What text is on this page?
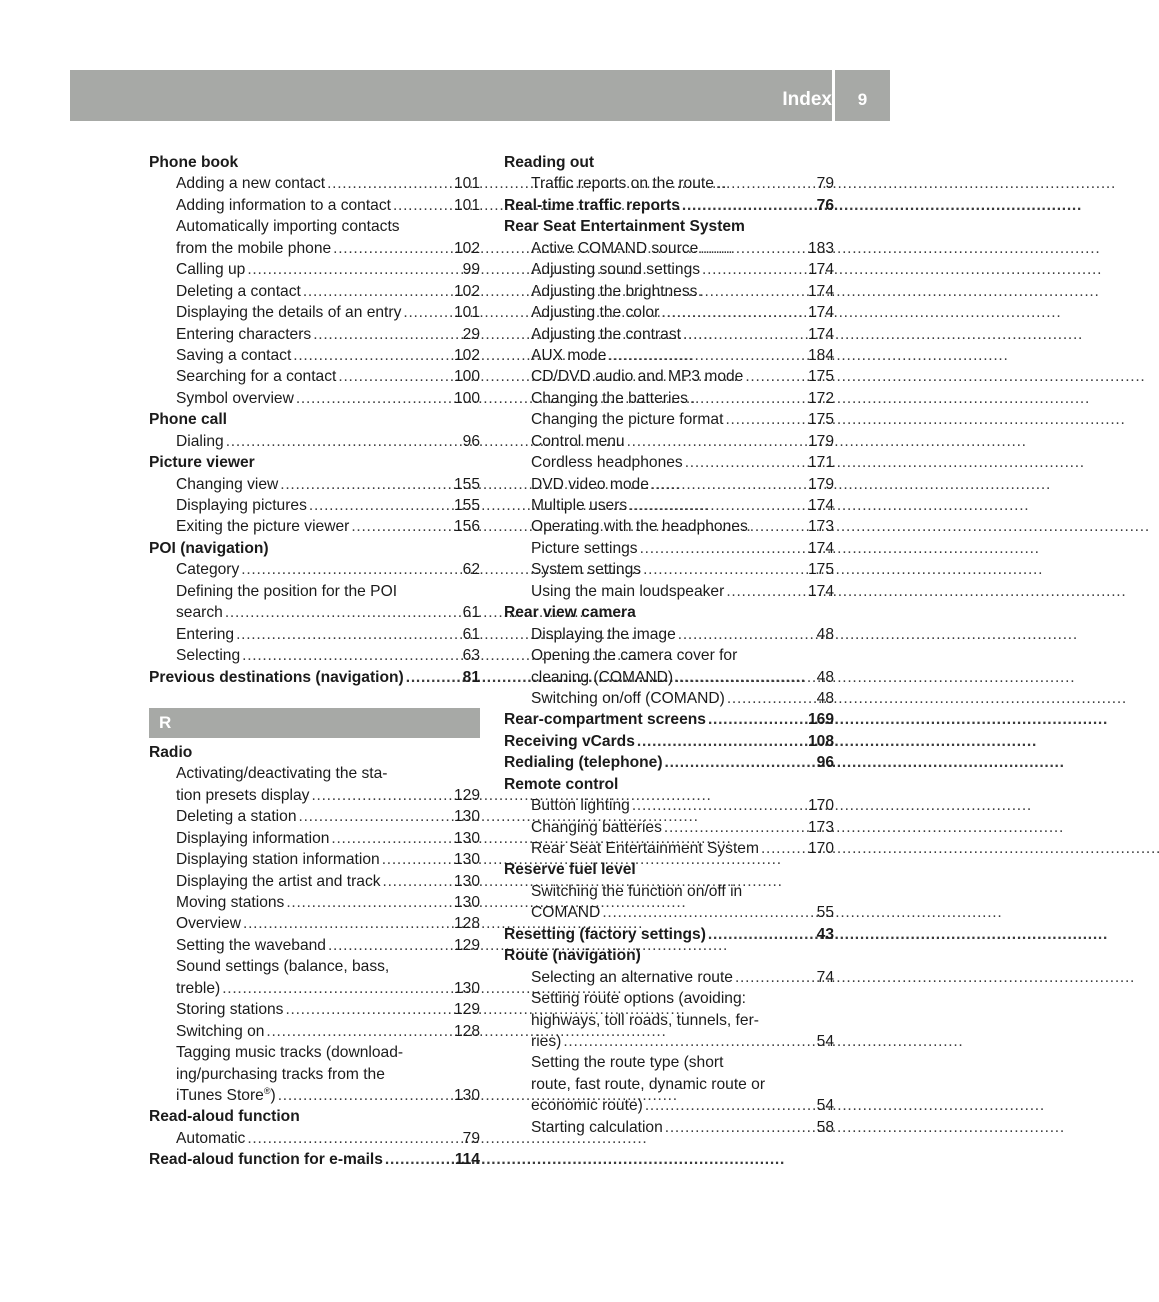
Index	9
Phone book
Adding a new contact . . .	101
Adding information to a contact . . .	101
Automatically importing contacts
from the mobile phone . . .	102
Calling up . . .	99
Deleting a contact . . .	102
Displaying the details of an entry . . .	101
Entering characters . . .	29
Saving a contact . . .	102
Searching for a contact . . .	100
Symbol overview . . .	100
Phone call
Dialing . . .	96
Picture viewer
Changing view . . .	155
Displaying pictures . . .	155
Exiting the picture viewer . . .	156
POI (navigation)
Category . . .	62
Defining the position for the POI
search . . .	61
Entering . . .	61
Selecting . . .	63
Previous destinations (navigation) . . .	81
R
Radio
Activating/deactivating the sta-
tion presets display . . .	129
Deleting a station . . .	130
Displaying information . . .	130
Displaying station information . . .	130
Displaying the artist and track . . .	130
Moving stations . . .	130
Overview . . .	128
Setting the waveband . . .	129
Sound settings (balance, bass,
treble) . . .	130
Storing stations . . .	129
Switching on . . .	128
Tagging music tracks (download-
ing/purchasing tracks from the
iTunes Store®) . . .	130
Read-aloud function
Automatic . . .	79
Read-aloud function for e-mails . . .	114
Reading out
Traffic reports on the route . . .	79
Real-time traffic reports . . .	76
Rear Seat Entertainment System
Active COMAND source . . .	183
Adjusting sound settings . . .	174
Adjusting the brightness . . .	174
Adjusting the color . . .	174
Adjusting the contrast . . .	174
AUX mode . . .	184
CD/DVD audio and MP3 mode . . .	175
Changing the batteries . . .	172
Changing the picture format . . .	175
Control menu . . .	179
Cordless headphones . . .	171
DVD video mode . . .	179
Multiple users . . .	174
Operating with the headphones . . .	173
Picture settings . . .	174
System settings . . .	175
Using the main loudspeaker . . .	174
Rear view camera
Displaying the image . . .	48
Opening the camera cover for
cleaning (COMAND) . . .	48
Switching on/off (COMAND) . . .	48
Rear-compartment screens . . .	169
Receiving vCards . . .	108
Redialing (telephone) . . .	96
Remote control
Button lighting . . .	170
Changing batteries . . .	173
Rear Seat Entertainment System . . .	170
Reserve fuel level
Switching the function on/off in
COMAND . . .	55
Resetting (factory settings) . . .	43
Route (navigation)
Selecting an alternative route . . .	74
Setting route options (avoiding:
highways, toll roads, tunnels, fer-
ries) . . .	54
Setting the route type (short
route, fast route, dynamic route or
economic route) . . .	54
Starting calculation . . .	58
